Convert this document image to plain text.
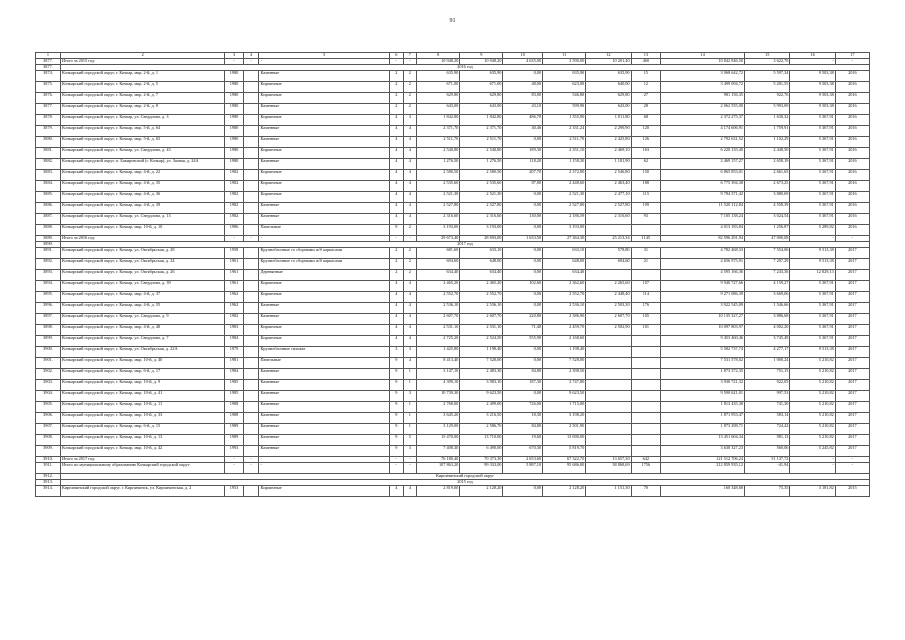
91
1	2	3	4	5	6	7	8	9	10	11	12	13	14	15	16	17
3877.	Итого за 2015 год:	-	-	-	-	-	10 948,20	10 948,20	4 635,00	3 590,00	10 201,40	460	10 842 846,50	3 622,70	-	-
3877.	2016 год															
3874.	Кочкарский городской округ, г. Кочкар, мкр. 2-й, д. 1	1980		Каменные	2	2	635,90	635,90	0,00	635,90	635,90	15	3 968 642,72	5 597,34	9 503,38	2016
3875.	Кочкарский городской округ, г. Кочкар, мкр. 2-й, д. 5	1980		Кирпичные	2	2	671,00	671,00	48,00	623,00	640,00	12	3 499 094,72	5 201,55	9 503,38	2016
3876.	Кочкарский городской округ, г. Кочкар, мкр. 2-й, д. 7	1980		Кирпичные	2	2	629,80	629,80	83,00	546,80	629,80	27	981 156,35	922,76	9 503,38	2016
3877.	Кочкарский городской округ, г. Кочкар, мкр. 2-й, д. 8	1980		Каменные	2	2	643,00	643,00	43,10	599,90	643,00	28	2 062 555,00	5 993,09	9 503,38	2016
3878.	Кочкарский городской округ, г. Кочкар, ул. Свердлова, д. 3	1980		Кирпичные	4	3	1 842,80	1 842,80	486,70	1 355,90	1 011,80	68	2 372 275,37	1 630,32	5 367,91	2016
3879.	Кочкарский городской округ, г. Кочкар, мкр. 5-й, д. 64	1980		Каменные	4	4	2 371,70	2 371,70	40,46	2 331,24	2 290,90	120	4 174 606,91	1 759,91	5 367,91	2016
3880.	Кочкарский городской округ, г. Кочкар, мкр. 5-й, д. 65	1980		Каменные	4	4	2 511,70	2 511,70	0,00	2 511,70	2 425,80	126	2 792 631,52	1 102,29	5 367,91	2016
3881.	Кочкарский городской округ, г. Кочкар, ул. Свердлова, д. 43	1980		Кирпичные	4	4	2 540,80	2 540,80	189,30	2 351,10	2 469,10	163	6 220 135,40	2 448,50	5 367,91	2016
3882.	Кочкарский городской округ, п. Бакировский (г. Кочкар), ул. Заовая, д. 24А	1980		Каменные	4	4	1 276,50	1 276,50	118,20	1 158,30	1 181,90	62	2 469 157,27	2 658,19	5 367,91	2016
3883.	Кочкарский городской округ, г. Кочкар, мкр. 4-й, д. 22	1982		Кирпичные	4	4	2 580,50	2 580,50	207,70	2 372,80	2 546,80	150	6 865 853,01	2 661,65	5 367,91	2016
3884.	Кочкарский городской округ, г. Кочкар, мкр. 4-й, д. 35	1982		Кирпичные	4	4	2 535,60	2 535,60	87,00	2 448,60	2 463,40	188	6 775 394,38	2 673,25	5 367,91	2016
3885.	Кочкарский городской округ, г. Кочкар, мкр. 4-й, д. 36	1982		Кирпичные	4	4	2 521,30	2 521,30	0,00	2 521,30	2 477,10	115	9 784 371,42	3 880,69	5 367,91	2016
3886.	Кочкарский городской округ, г. Кочкар, мкр. 4-й, д. 39	1982		Каменные	4	4	2 527,80	2 527,80	0,00	2 527,80	2 527,80	109	11 520 112,84	4 558,39	5 367,91	2016
3887.	Кочкарский городской округ, г. Кочкар, ул. Свердлова, д. 13	1982		Каменные	4	4	2 316,60	2 316,60	130,00	2 186,59	2 316,60	93	7 105 138,24	3 024,54	5 367,91	2016
3888.	Кочкарский городской округ, г. Кочкар, мкр. 10-й, д. 10	1986		Панельные	9	2	3 193,00	3 193,00	0,00	3 193,00			4 013 183,84	1 256,87	5 289,82	2016
3889.	Итого за 2016 год:	-	-	-	-	-	29 673,40	28 693,00	1 633,50	27 364,30	25 213,34	1145	82 596 291,94	47 000,08	-	-
3890.	2017 год															
3891.	Кочкарский городской округ, г. Кочкар, ул. Октябрьская, д. 28	1958		Крупноблочные со сборными ж/б каркасами	2	2	681,60	633,10	0,00	633,10	578,80	31	4 782 468,33	7 554,06	9 513,38	2017
3892.	Кочкарский городской округ, г. Кочкар, ул. Октябрьская, д. 24	1961		Крупноблочные со сборными ж/б каркасами	2	2	694,60	648,00	0,00	648,00	694,60	21	4 656 975,91	7 207,29	9 513,38	2017
3893.	Кочкарский городской округ, г. Кочкар, ул. Октябрьская, д. 26	1961		Деревянные	2	2	634,40	634,40	0,00	634,40			4 595 166,36	7 243,36	12 829,13	2017
3894.	Кочкарский городской округ, г. Кочкар, ул. Свердлова, д. 39	1961		Кирпичные	4	4	2 465,20	2 465,20	102,60	2 362,60	2 265,60	107	9 940 727,66	4 159,27	5 367,91	2017
3895.	Кочкарский городской округ, г. Кочкар, мкр. 4-й, д. 37	1962		Кирпичные	4	4	2 552,70	2 552,70	0,00	2 552,70	2 448,40	114	9 271 086,39	3 669,06	5 367,91	2017
3896.	Кочкарский городской округ, г. Кочкар, мкр. 4-й, д. 55	1962		Каменные	4	4	2 536,10	2 536,10	0,00	2 536,10	2 503,30	176	3 922 545,09	1 546,66	5 367,91	2017
3897.	Кочкарский городской округ, г. Кочкар, ул. Свердлова, д. 9	1982		Каменные	4	4	2 607,70	2 607,70	220,80	2 386,90	2 607,70	105	10 135 327,27	3 886,68	5 367,91	2017
3898.	Кочкарский городской округ, г. Кочкар, мкр. 4-й, д. 48	1983		Кирпичные	4	4	2 531,10	2 531,10	71,40	2 459,70	2 502,90	101	10 097 803,97	4 002,20	5 367,91	2017
3899.	Кочкарский городской округ, г. Кочкар, ул. Свердлова, д. 7	1984		Кирпичные	4	4	2 725,20	2 524,50	555,90	2 168,60			9 453 460,46	3 745,49	5 367,91	2017
3900.	Кочкарский городской округ, г. Кочкар, ул. Октябрьская, д. 22А	1979		Крупноблочные силикат	3	3	1 425,80	1 198,40	0,00	1 198,40			5 582 737,74	4 277,17	9 513,38	2017
3901.	Кочкарский городской округ, г. Кочкар, мкр. 10-й, д. 40	1981		Панельные	9	4	8 413,40	7 528,00	0,00	7 528,00			7 531 578,02	1 000,24	5 210,82	2017
3902.	Кочкарский городской округ, г. Кочкар, мкр. 6-й, д. 17	1984		Каменные	9	1	3 147,10	2 483,30	84,80	2 398,50			1 873 372,35	751,15	5 210,82	2017
3903.	Кочкарский городской округ, г. Кочкар, мкр. 10-й, д. 9	1985		Каменные	9	1	4 399,10	3 983,10	187,30	3 747,80			3 930 721,32	922,05	5 210,82	2017
3904.	Кочкарский городской округ, г. Кочкар, мкр. 10-й, д. 41	1985		Каменные	9	3	10 739,30	9 623,50	0,00	9 623,50			9 590 621,01	997,53	5 210,82	2017
3905.	Кочкарский городской округ, г. Кочкар, мкр. 10-й, д. 11	1988		Каменные	9	1	2 768,00	2 499,00	726,00	1 715,00			1 813 435,30	741,30	5 210,82	2017
3906.	Кочкарский городской округ, г. Кочкар, мкр. 10-й, д. 33	1988		Каменные	9	1	3 645,20	3 216,50	18,30	3 198,20			1 871 953,47	583,14	5 210,82	2017
3907.	Кочкарский городской округ, г. Кочкар, мкр. 6-й, д. 15	1989		Каменные	9	1	3 129,00	2 586,70	84,80	2 501,90			1 873 298,71	724,42	5 210,82	2017
3908.	Кочкарский городской округ, г. Кочкар, мкр. 10-й, д. 13	1989		Каменные	9	5	15 470,00	13 710,00	19,60	13 690,00			13 451 604,34	981,13	5 210,82	2017
3909.	Кочкарский городской округ, г. Кочкар, мкр. 10-й, д. 42	1993		Каменные	9	3	7 408,30	6 490,00	670,30	5 819,70			3 630 327,23	560,06	5 245,82	2017
3910.	Итого за 2017 год:	-	-	-	-	-	76 180,40	70 373,30	2 653,60	67 322,70	13 657,30	642	121 512 706,24	51 137,72	-	-
3911.	Итого по муниципальному образованию Кочкарский городской округ:	-	-	-	-	-	107 863,20	99 333,00	5 887,10	95 686,00	38 868,69	1756	212 859 935,12	-41,94	-	-
3912.	Кирпичинский городской округ															
3913.	2015 год															
3914.	Кирпичинский городской округ, г. Кирпичинск, ул. Кирпичинская, д. 2	1953		Кирпичные	4	4	2 819,00	2 128,20	0,00	2 128,20	1 151,30	70	160 348,68	75,35	3 181,82	2015
